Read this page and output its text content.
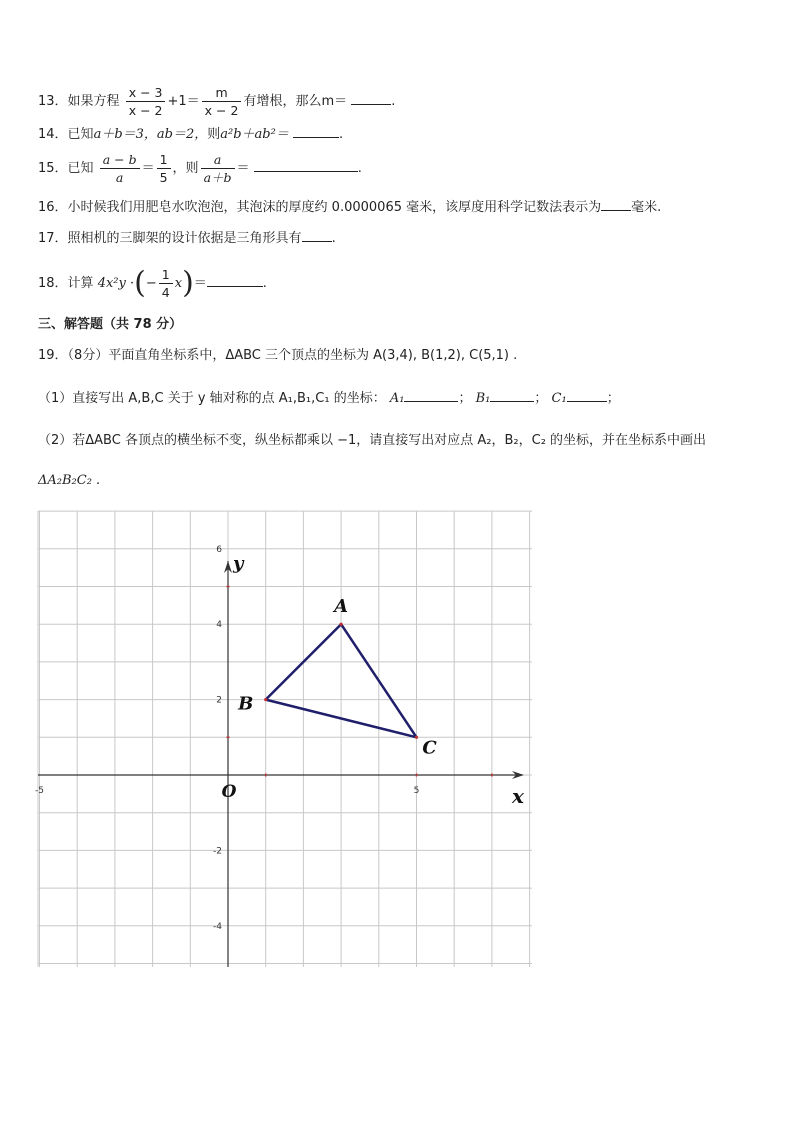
13．如果方程 $\frac{x - 3}{x - 2} +1= \frac{m}{x - 2}$ 有增根，那么m＝	.
14．已知a＋b＝3，ab＝2，则a²b＋ab²＝	.
15．已知 $\frac{a - b}{a} = \frac{1}{5}$ ，则 $\frac{a}{a+b}$ ＝	.
16．小时候我们用肥皂水吹泡泡，其泡沫的厚度约 0.0000065 毫米，该厚度用科学记数法表示为 毫米.
17．照相机的三脚架的设计依据是三角形具有 .
18．计算 4x²y ·(− $\frac{1}{4} x)=$	.
三、解答题（共 78 分）
19．（8分）平面直角坐标系中，ΔABC 三个顶点的坐标为 A(3,4), B(1,2), C(5,1) .
（1）直接写出 A,B,C 关于 y 轴对称的点 A₁,B₁,C₁ 的坐标： A₁	； B₁	； C₁	；
（2）若ΔABC 各顶点的横坐标不变，纵坐标都乘以 −1，请直接写出对应点 A₂，B₂，C₂ 的坐标，并在坐标系中画出
ΔA₂B₂C₂ .
-5	5
6
4
2
-2
-4
y
x
O
A
B
C
